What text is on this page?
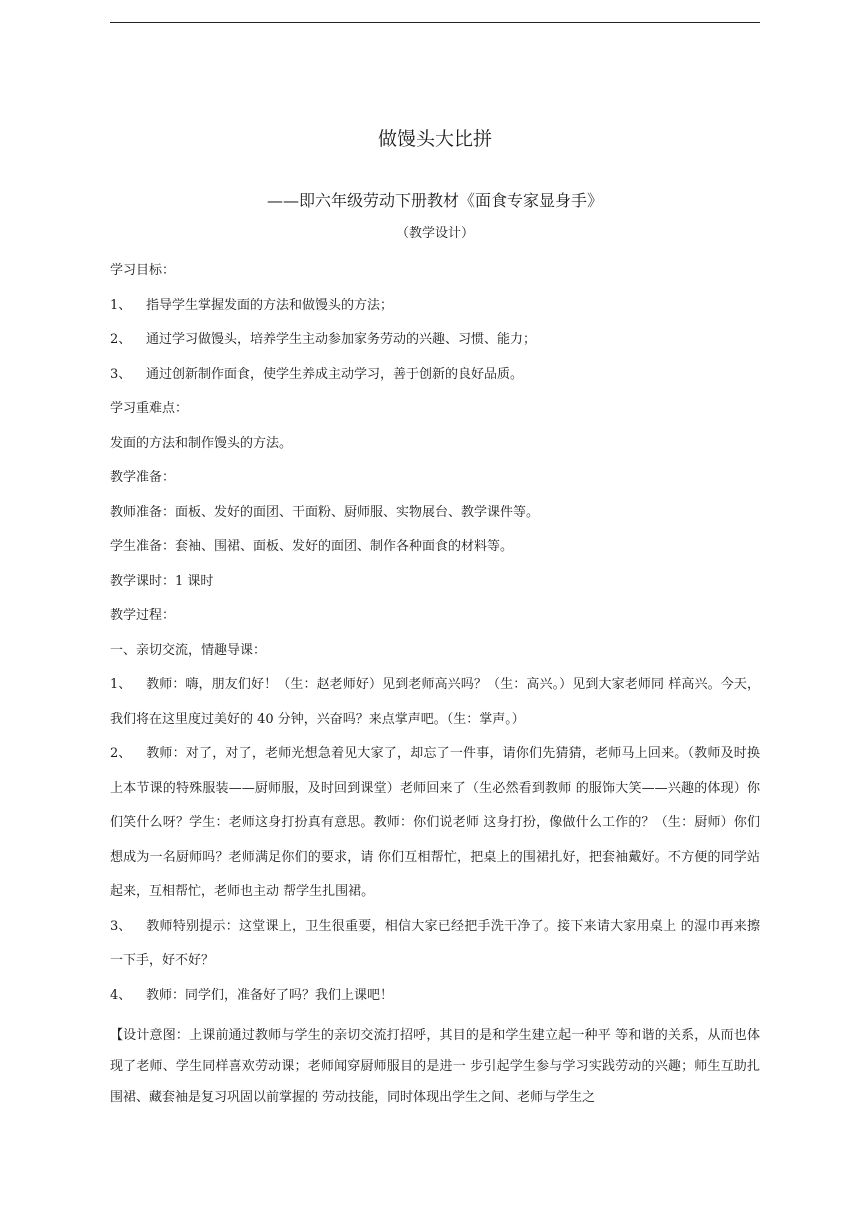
做馒头大比拼
——即六年级劳动下册教材《面食专家显身手》
（教学设计）
学习目标：
1、 指导学生掌握发面的方法和做馒头的方法；
2、 通过学习做馒头，培养学生主动参加家务劳动的兴趣、习惯、能力；
3、 通过创新制作面食，使学生养成主动学习，善于创新的良好品质。
学习重难点：
发面的方法和制作馒头的方法。
教学准备：
教师准备：面板、发好的面团、干面粉、厨师服、实物展台、教学课件等。
学生准备：套袖、围裙、面板、发好的面团、制作各种面食的材料等。
教学课时：1 课时
教学过程：
一、亲切交流，情趣导课：
1、 教师：嗨，朋友们好！（生：赵老师好）见到老师高兴吗？（生：高兴。）见到大家老师同 样高兴。今天，我们将在这里度过美好的 40 分钟，兴奋吗？来点掌声吧。（生：掌声。）
2、 教师：对了，对了，老师光想急着见大家了，却忘了一件事，请你们先猜猜，老师马上回来。（教师及时换上本节课的特殊服装——厨师服，及时回到课堂）老师回来了（生必然看到教师 的服饰大笑——兴趣的体现）你们笑什么呀？学生：老师这身打扮真有意思。教师：你们说老师 这身打扮，像做什么工作的？（生：厨师）你们想成为一名厨师吗？老师满足你们的要求，请 你们互相帮忙，把桌上的围裙扎好，把套袖戴好。不方便的同学站起来，互相帮忙，老师也主动 帮学生扎围裙。
3、 教师特别提示：这堂课上，卫生很重要，相信大家已经把手洗干净了。接下来请大家用桌上 的湿巾再来擦一下手，好不好？
4、 教师：同学们，准备好了吗？我们上课吧！
【设计意图：上课前通过教师与学生的亲切交流打招呼，其目的是和学生建立起一种平 等和谐的关系，从而也体现了老师、学生同样喜欢劳动课；老师闻穿厨师服目的是进一 步引起学生参与学习实践劳动的兴趣；师生互助扎围裙、藏套袖是复习巩固以前掌握的 劳动技能，同时体现出学生之间、老师与学生之
